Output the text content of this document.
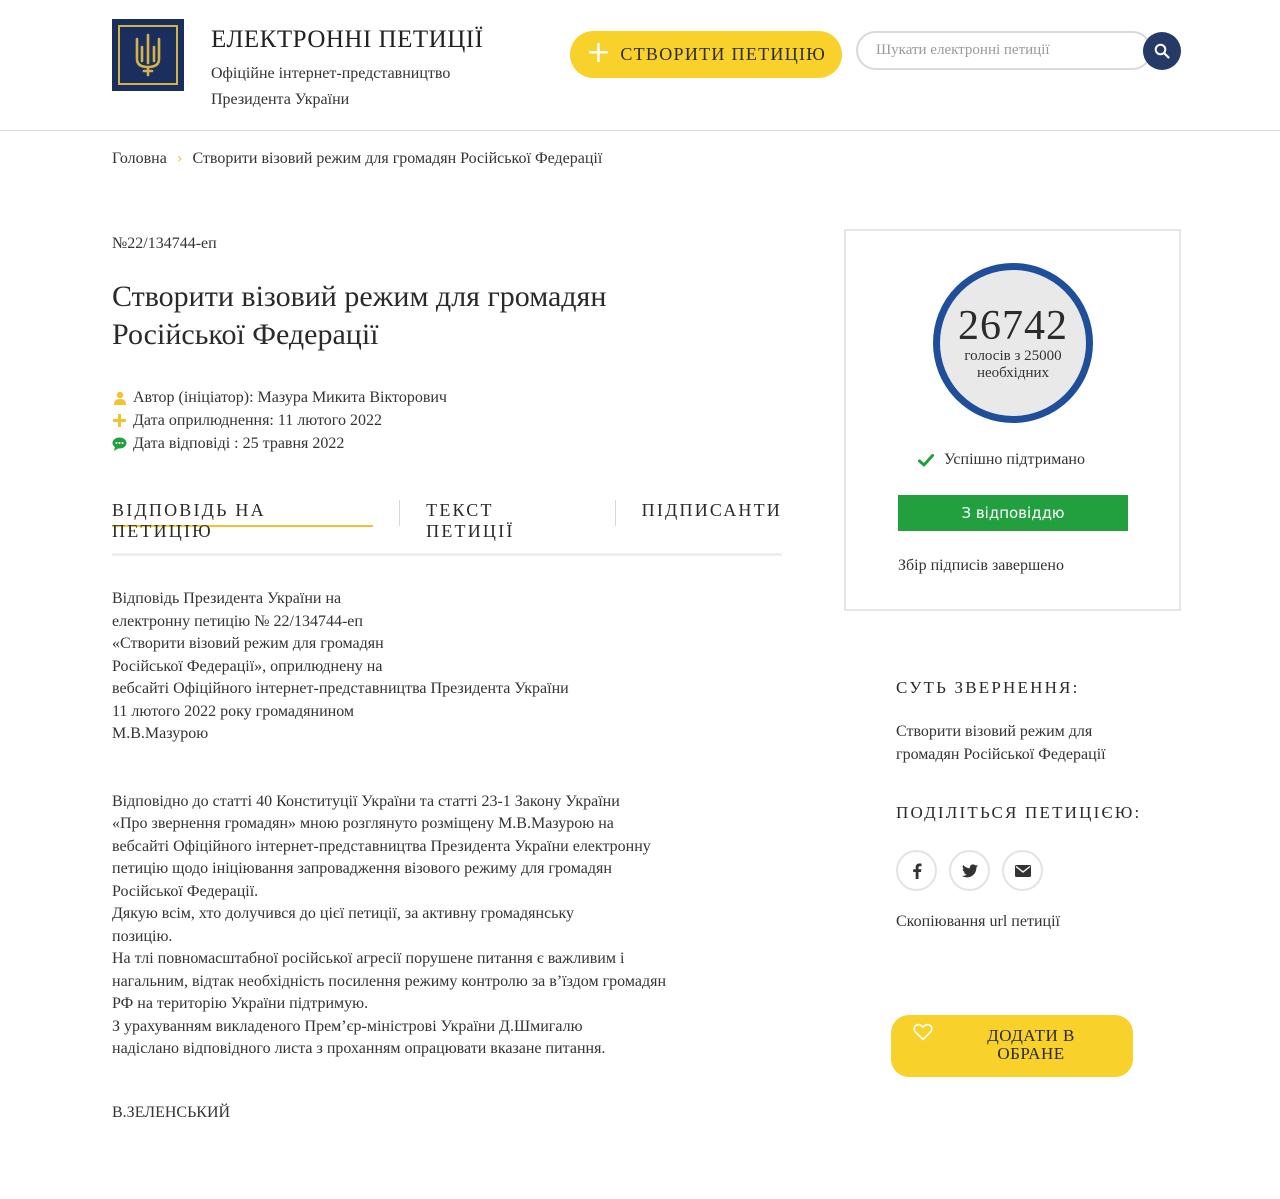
ЕЛЕКТРОННІ ПЕТИЦІЇ
Офіційне інтернет-представництво Президента України
+ СТВОРИТИ ПЕТИЦІЮ
Шукати електронні петиції
Головна › Створити візовий режим для громадян Російської Федерації
№22/134744-еп
Створити візовий режим для громадян Російської Федерації
Автор (ініціатор): Мазура Микита Вікторович
Дата оприлюднення: 11 лютого 2022
Дата відповіді : 25 травня 2022
ВІДПОВІДЬ НА ПЕТИЦІЮ
ТЕКСТ ПЕТИЦІЇ
ПІДПИСАНТИ

Відповідь Президента України на
електронну петицію № 22/134744-еп
«Створити візовий режим для громадян
Російської Федерації», оприлюднену на
вебсайті Офіційного інтернет-представництва Президента України
11 лютого 2022 року громадянином
М.В.Мазурою

Відповідно до статті 40 Конституції України та статті 23-1 Закону України
«Про звернення громадян» мною розглянуто розміщену М.В.Мазурою на
вебсайті Офіційного інтернет-представництва Президента України електронну
петицію щодо ініціювання запровадження візового режиму для громадян
Російської Федерації.
Дякую всім, хто долучився до цієї петиції, за активну громадянську
позицію.
На тлі повномасштабної російської агресії порушене питання є важливим і
нагальним, відтак необхідність посилення режиму контролю за в’їздом громадян
РФ на територію України підтримую.
З урахуванням викладеного Прем’єр-міністрові України Д.Шмигалю
надіслано відповідного листа з проханням опрацювати вказане питання.

В.ЗЕЛЕНСЬКИЙ
26742
голосів з 25000 необхідних
Успішно підтримано
З відповіддю
Збір підписів завершено
СУТЬ ЗВЕРНЕННЯ:
Створити візовий режим для громадян Російської Федерації
ПОДІЛІТЬСЯ ПЕТИЦІЄЮ:
Скопіювання url петиції
ДОДАТИ В ОБРАНЕ
